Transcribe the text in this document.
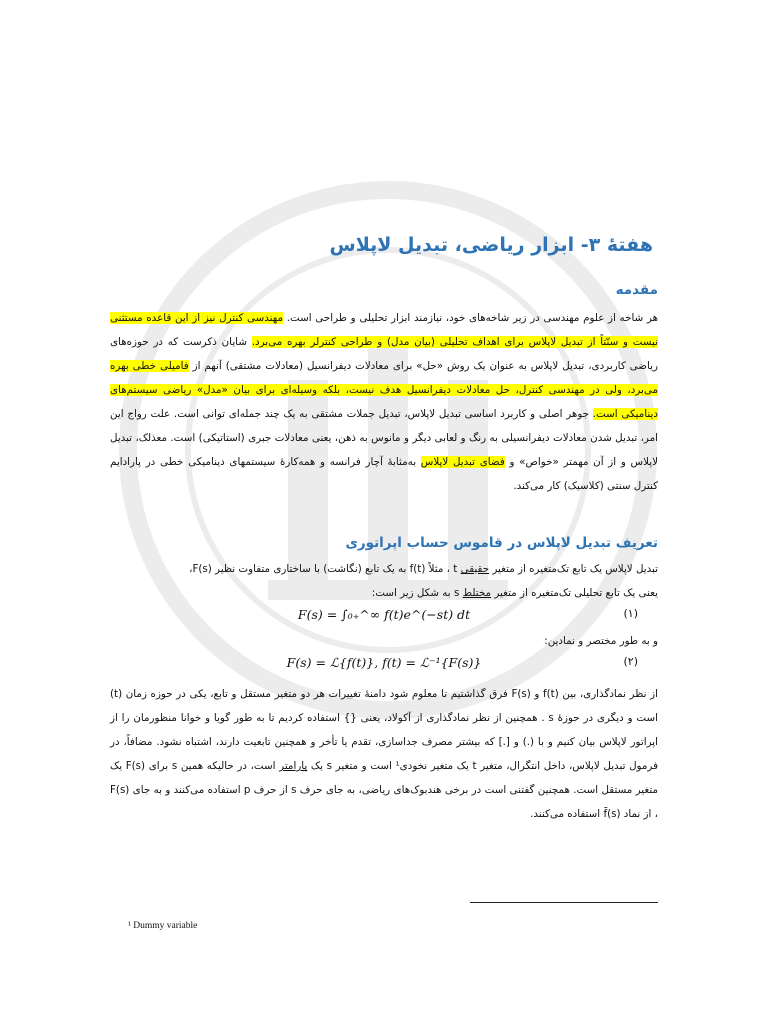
هفتهٔ ۳- ابزار ریاضی، تبدیل لاپلاس
مقدمه
هر شاخه از علوم مهندسی در زیر شاخه‌های خود، نیازمند ابزار تحلیلی و طراحی است. مهندسی کنترل نیز از این قاعده مستثنی نیست و سنّتاً از تبدیل لاپلاس برای اهداف تحلیلی (بیان مدل) و طراحی کنترلر بهره می‌برد. شایان ذکرست که در حوزه‌های ریاضی کاربردی، تبدیل لاپلاس به عنوان یک روش «حل» برای معادلات دیفرانسیل (معادلات مشتقی) آنهم از فامیلی خطی بهره می‌برد، ولی در مهندسی کنترل، حل معادلات دیفرانسیل هدف نیست، بلکه وسیله‌ای برای بیان «مدل» ریاضی سیستم‌های دینامیکی است. جوهر اصلی و کاربرد اساسی تبدیل لاپلاس، تبدیل جملات مشتقی به یک چند جمله‌ای توانی است. علت رواج این امر، تبدیل شدن معادلات دیفرانسیلی به رنگ و لعابی دیگر و مانوس به ذهن، یعنی معادلات جبری (استاتیکی) است. معذلک، تبدیل لاپلاس و از آن مهمتر «خواص» و فضای تبدیل لاپلاس به‌مثابهٔ آچار فرانسه و همه‌کارهٔ سیستمهای دینامیکی خطی در پارادایم کنترل سنتی (کلاسیک) کار می‌کند.
تعریف تبدیل لاپلاس در قاموس حساب اپراتوری
تبدیل لاپلاس یک تابع تک‌متغیره از متغیر حقیقی t ، مثلاً f(t) به یک تابع (نگاشت) با ساختاری متفاوت نظیر F(s)،
یعنی یک تابع تحلیلی تک‌متغیره از متغیر مختلط s به شکل زیر است:
F(s) = ∫₀₊^∞ f(t)e^(−st) dt	(۱)
و به طور مختصر و نمادین:
F(s) = ℒ{f(t)}, f(t) = ℒ⁻¹{F(s)}	(۲)
از نظر نمادگذاری، بین f(t) و F(s) فرق گذاشتیم تا معلوم شود دامنهٔ تغییرات هر دو متغیر مستقل و تابع، یکی در حوزه زمان (t) است و دیگری در حوزهٔ s . همچنین از نظر نمادگذاری از آکولاد، یعنی {} استفاده کردیم تا به طور گویا و خوانا منظورمان را از اپراتور لاپلاس بیان کنیم و با (.) و [.] که بیشتر مصرف جداسازی، تقدم یا تأخر و همچنین تابعیت دارند، اشتباه نشود. مضافاً، در فرمول تبدیل لاپلاس، داخل انتگرال، متغیر t یک متغیر نخودی¹ است و متغیر s یک پارامتر است، در حالیکه همین s برای F(s) یک متغیر مستقل است. همچنین گفتنی است در برخی هندبوک‌های ریاضی، به جای حرف s از حرف p استفاده می‌کنند و به جای F(s) ، از نماد f̄(s) استفاده می‌کنند.
¹ Dummy variable
